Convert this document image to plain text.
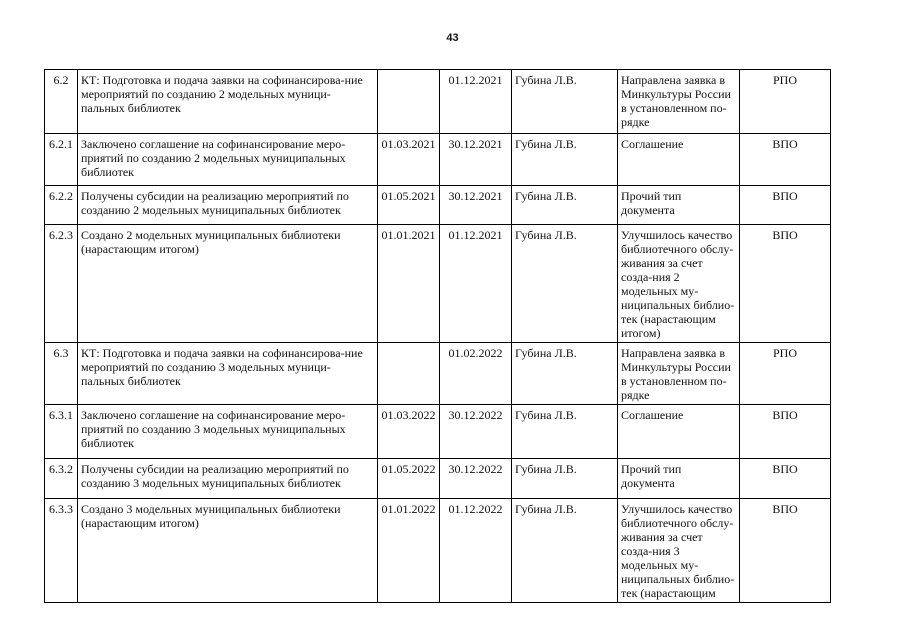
43
6.2	КТ: Подготовка и подача заявки на софинансирова-ние мероприятий по созданию 2 модельных муници-пальных библиотек		01.12.2021	Губина Л.В.	Направлена заявка в Минкультуры России в установленном по-рядке	РПО
6.2.1	Заключено соглашение на софинансирование меро-приятий по созданию 2 модельных муниципальных библиотек	01.03.2021	30.12.2021	Губина Л.В.	Соглашение	ВПО
6.2.2	Получены субсидии на реализацию мероприятий по созданию 2 модельных муниципальных библиотек	01.05.2021	30.12.2021	Губина Л.В.	Прочий тип документа	ВПО
6.2.3	Создано 2 модельных муниципальных библиотеки (нарастающим итогом)	01.01.2021	01.12.2021	Губина Л.В.	Улучшилось качество библиотечного обслу-живания за счет созда-ния 2 модельных му-ниципальных библио-тек (нарастающим итогом)	ВПО
6.3	КТ: Подготовка и подача заявки на софинансирова-ние мероприятий по созданию 3 модельных муници-пальных библиотек		01.02.2022	Губина Л.В.	Направлена заявка в Минкультуры России в установленном по-рядке	РПО
6.3.1	Заключено соглашение на софинансирование меро-приятий по созданию 3 модельных муниципальных библиотек	01.03.2022	30.12.2022	Губина Л.В.	Соглашение	ВПО
6.3.2	Получены субсидии на реализацию мероприятий по созданию 3 модельных муниципальных библиотек	01.05.2022	30.12.2022	Губина Л.В.	Прочий тип документа	ВПО
6.3.3	Создано 3 модельных муниципальных библиотеки (нарастающим итогом)	01.01.2022	01.12.2022	Губина Л.В.	Улучшилось качество библиотечного обслу-живания за счет созда-ния 3 модельных му-ниципальных библио-тек (нарастающим	ВПО
